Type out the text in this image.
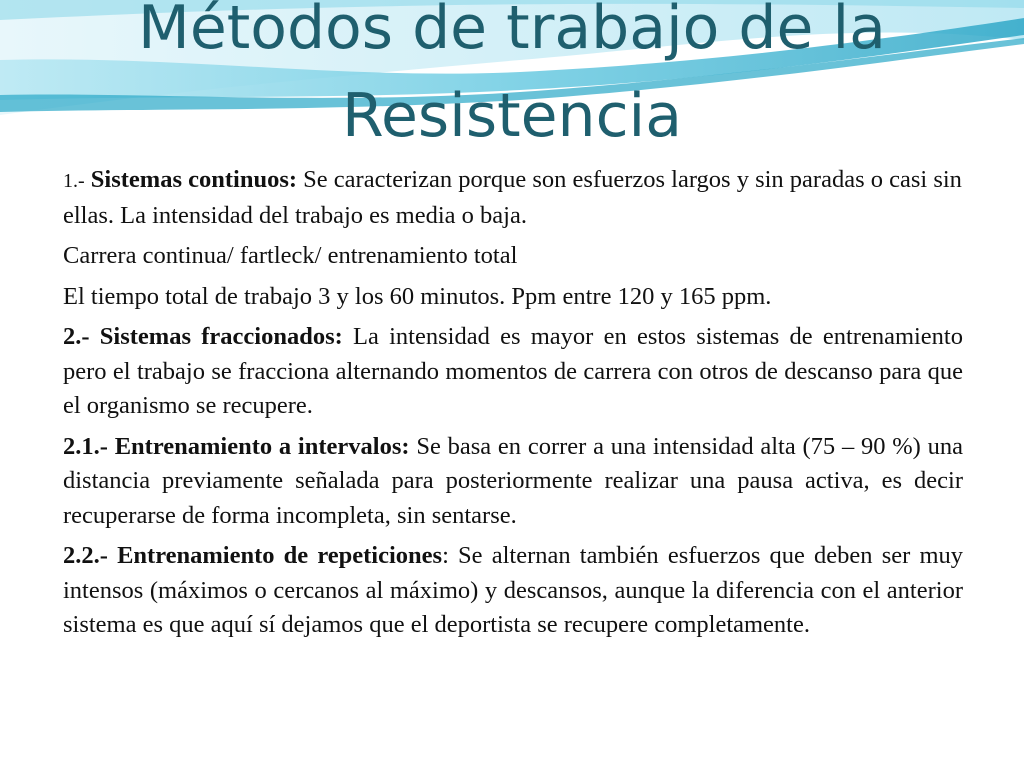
Métodos de trabajo de la
Resistencia

1.- Sistemas continuos: Se caracterizan porque son esfuerzos largos y sin paradas o casi sin ellas. La intensidad del trabajo es media o baja.

Carrera continua/ fartleck/ entrenamiento total

El tiempo total de trabajo 3 y los 60 minutos. Ppm entre 120 y 165 ppm.

2.- Sistemas fraccionados: La intensidad es mayor en estos sistemas de entrenamiento pero el trabajo se fracciona alternando momentos de carrera con otros de descanso para que el organismo se recupere.

2.1.- Entrenamiento a intervalos: Se basa en correr a una intensidad alta (75 – 90 %) una distancia previamente señalada para posteriormente realizar una pausa activa, es decir recuperarse de forma incompleta, sin sentarse.

2.2.- Entrenamiento de repeticiones: Se alternan también esfuerzos que deben ser muy intensos (máximos o cercanos al máximo) y descansos, aunque la diferencia con el anterior sistema es que aquí sí dejamos que el deportista se recupere completamente.
